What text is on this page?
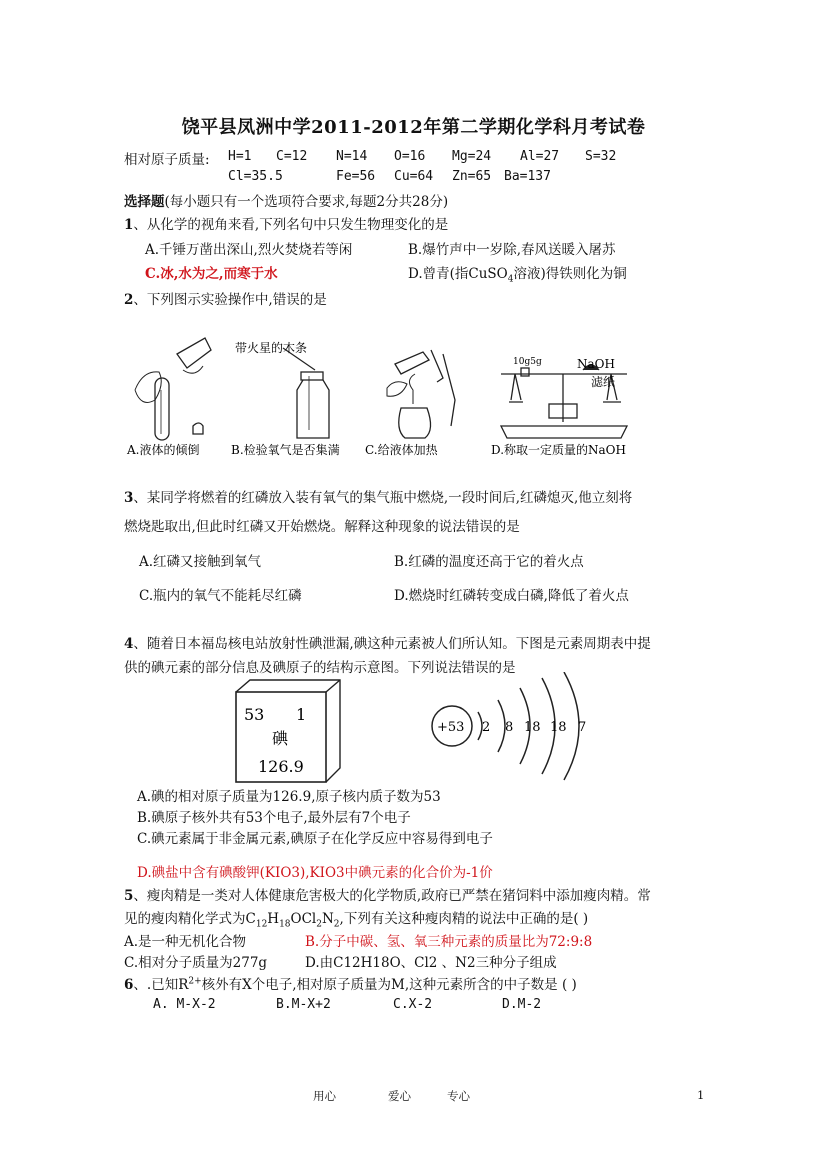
饶平县凤洲中学2011-2012年第二学期化学科月考试卷
相对原子质量: H=1 C=12 N=14 O=16 Mg=24 Al=27 S=32
Cl=35.5	Fe=56 Cu=64 Zn=65 Ba=137
选择题(每小题只有一个选项符合要求,每题2分共28分)
1、从化学的视角来看,下列名句中只发生物理变化的是
A.千锤万凿出深山,烈火焚烧若等闲	B.爆竹声中一岁除,春风送暖入屠苏
C.冰,水为之,而寒于水	D.曾青(指CuSO$_4$溶液)得铁则化为铜
2、下列图示实验操作中,错误的是
A.液体的倾倒
带火星的木条
B.检验氧气是否集满 C.给液体加热
10g5g	NaOH
滤纸
D.称取一定质量的NaOH
3、某同学将燃着的红磷放入装有氧气的集气瓶中燃烧,一段时间后,红磷熄灭,他立刻将
燃烧匙取出,但此时红磷又开始燃烧。解释这种现象的说法错误的是
A.红磷又接触到氧气	B.红磷的温度还高于它的着火点
C.瓶内的氧气不能耗尽红磷	D.燃烧时红磷转变成白磷,降低了着火点
4、随着日本福岛核电站放射性碘泄漏,碘这种元素被人们所认知。下图是元素周期表中提
供的碘元素的部分信息及碘原子的结构示意图。下列说法错误的是
53 1
碘
126.9
+53 2 8 18 18 7
A.碘的相对原子质量为126.9,原子核内质子数为53
B.碘原子核外共有53个电子,最外层有7个电子
C.碘元素属于非金属元素,碘原子在化学反应中容易得到电子
D.碘盐中含有碘酸钾(KIO3),KIO3中碘元素的化合价为-1价
5、瘦肉精是一类对人体健康危害极大的化学物质,政府已严禁在猪饲料中添加瘦肉精。常
见的瘦肉精化学式为$C_{12}H_{18}OCl_2N_2$,下列有关这种瘦肉精的说法中正确的是( )
A.是一种无机化合物	B.分子中碳、氢、氧三种元素的质量比为72:9:8
C.相对分子质量为277g	D.由C12H18O、Cl2 、N2三种分子组成
6、.已知$R^{2+}$核外有X个电子,相对原子质量为M,这种元素所含的中子数是 ( )
A. M-X-2	B.M-X+2	C.X-2	D.M-2
用心	爱心	专心	1
